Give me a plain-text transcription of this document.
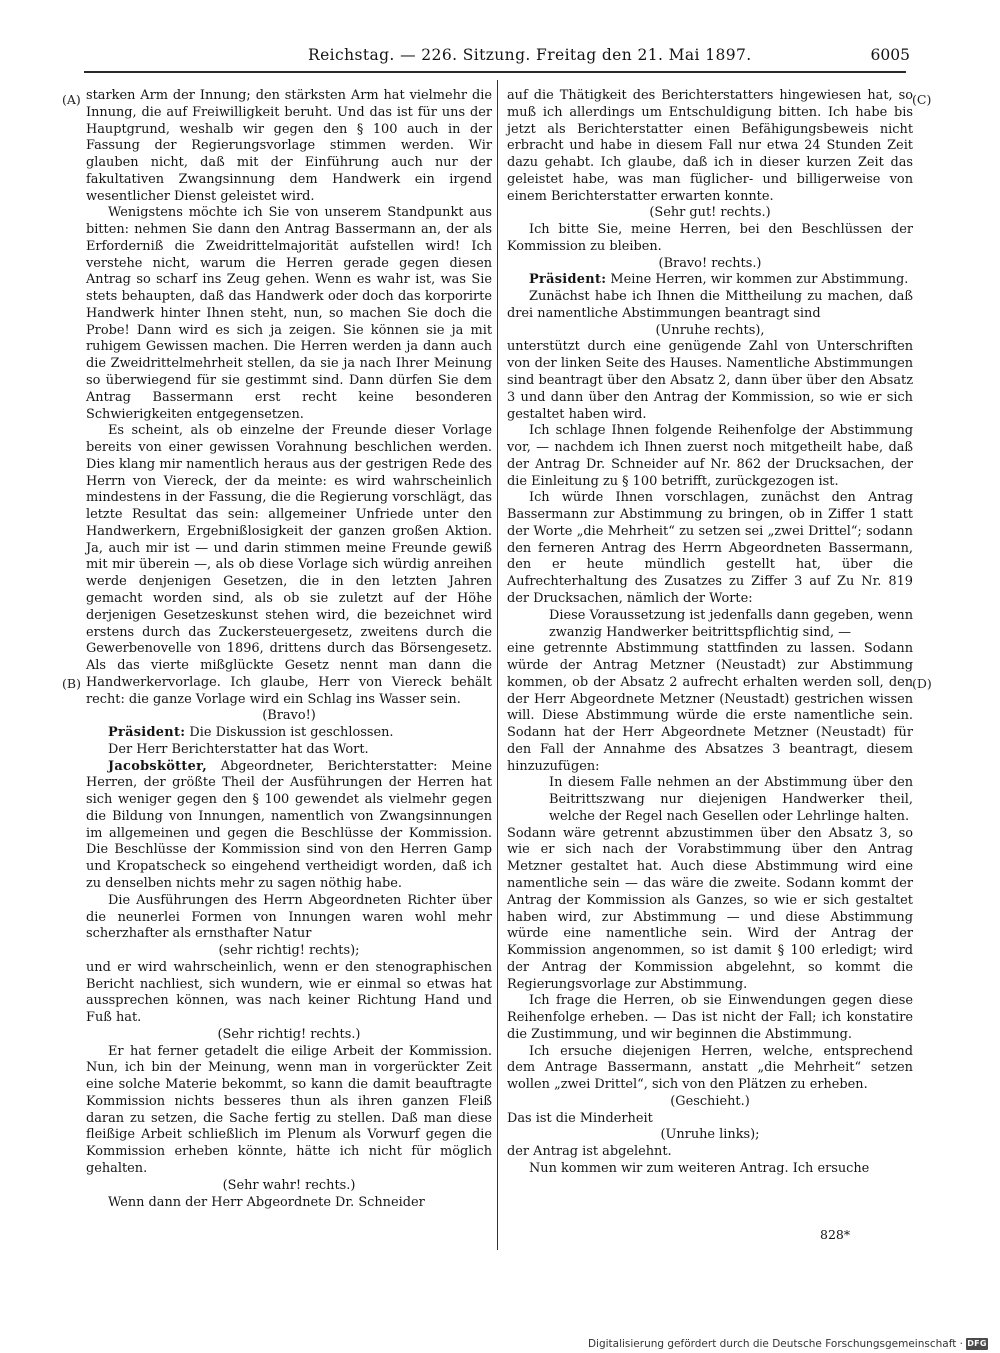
Reichstag. — 226. Sitzung. Freitag den 21. Mai 1897.	6005
(A)
(B)
(C)
(D)

starken Arm der Innung; den stärksten Arm hat vielmehr die Innung, die auf Freiwilligkeit beruht. Und das ist für uns der Hauptgrund, weshalb wir gegen den § 100 auch in der Fassung der Regierungsvorlage stimmen werden. Wir glauben nicht, daß mit der Einführung auch nur der fakultativen Zwangsinnung dem Handwerk ein irgend wesentlicher Dienst geleistet wird.

Wenigstens möchte ich Sie von unserem Standpunkt aus bitten: nehmen Sie dann den Antrag Bassermann an, der als Erforderniß die Zweidrittelmajorität aufstellen wird! Ich verstehe nicht, warum die Herren gerade gegen diesen Antrag so scharf ins Zeug gehen. Wenn es wahr ist, was Sie stets behaupten, daß das Handwerk oder doch das korporirte Handwerk hinter Ihnen steht, nun, so machen Sie doch die Probe! Dann wird es sich ja zeigen. Sie können sie ja mit ruhigem Gewissen machen. Die Herren werden ja dann auch die Zweidrittelmehrheit stellen, da sie ja nach Ihrer Meinung so überwiegend für sie gestimmt sind. Dann dürfen Sie dem Antrag Bassermann erst recht keine besonderen Schwierigkeiten entgegensetzen.

Es scheint, als ob einzelne der Freunde dieser Vorlage bereits von einer gewissen Vorahnung beschlichen werden. Dies klang mir namentlich heraus aus der gestrigen Rede des Herrn von Viereck, der da meinte: es wird wahrscheinlich mindestens in der Fassung, die die Regierung vorschlägt, das letzte Resultat das sein: allgemeiner Unfriede unter den Handwerkern, Ergebnißlosigkeit der ganzen großen Aktion. Ja, auch mir ist — und darin stimmen meine Freunde gewiß mit mir überein —, als ob diese Vorlage sich würdig anreihen werde denjenigen Gesetzen, die in den letzten Jahren gemacht worden sind, als ob sie zuletzt auf der Höhe derjenigen Gesetzeskunst stehen wird, die bezeichnet wird erstens durch das Zuckersteuergesetz, zweitens durch die Gewerbenovelle von 1896, drittens durch das Börsengesetz. Als das vierte mißglückte Gesetz nennt man dann die Handwerkervorlage. Ich glaube, Herr von Viereck behält recht: die ganze Vorlage wird ein Schlag ins Wasser sein.

(Bravo!)

Präsident: Die Diskussion ist geschlossen.

Der Herr Berichterstatter hat das Wort.

Jacobskötter, Abgeordneter, Berichterstatter: Meine Herren, der größte Theil der Ausführungen der Herren hat sich weniger gegen den § 100 gewendet als vielmehr gegen die Bildung von Innungen, namentlich von Zwangsinnungen im allgemeinen und gegen die Beschlüsse der Kommission. Die Beschlüsse der Kommission sind von den Herren Gamp und Kropatscheck so eingehend vertheidigt worden, daß ich zu denselben nichts mehr zu sagen nöthig habe.

Die Ausführungen des Herrn Abgeordneten Richter über die neunerlei Formen von Innungen waren wohl mehr scherzhafter als ernsthafter Natur

(sehr richtig! rechts);

und er wird wahrscheinlich, wenn er den stenographischen Bericht nachliest, sich wundern, wie er einmal so etwas hat aussprechen können, was nach keiner Richtung Hand und Fuß hat.

(Sehr richtig! rechts.)

Er hat ferner getadelt die eilige Arbeit der Kommission. Nun, ich bin der Meinung, wenn man in vorgerückter Zeit eine solche Materie bekommt, so kann die damit beauftragte Kommission nichts besseres thun als ihren ganzen Fleiß daran zu setzen, die Sache fertig zu stellen. Daß man diese fleißige Arbeit schließlich im Plenum als Vorwurf gegen die Kommission erheben könnte, hätte ich nicht für möglich gehalten.

(Sehr wahr! rechts.)

Wenn dann der Herr Abgeordnete Dr. Schneider

auf die Thätigkeit des Berichterstatters hingewiesen hat, so muß ich allerdings um Entschuldigung bitten. Ich habe bis jetzt als Berichterstatter einen Befähigungsbeweis nicht erbracht und habe in diesem Fall nur etwa 24 Stunden Zeit dazu gehabt. Ich glaube, daß ich in dieser kurzen Zeit das geleistet habe, was man füglicher- und billigerweise von einem Berichterstatter erwarten konnte.

(Sehr gut! rechts.)

Ich bitte Sie, meine Herren, bei den Beschlüssen der Kommission zu bleiben.

(Bravo! rechts.)

Präsident: Meine Herren, wir kommen zur Abstimmung.

Zunächst habe ich Ihnen die Mittheilung zu machen, daß drei namentliche Abstimmungen beantragt sind

(Unruhe rechts),

unterstützt durch eine genügende Zahl von Unterschriften von der linken Seite des Hauses. Namentliche Abstimmungen sind beantragt über den Absatz 2, dann über über den Absatz 3 und dann über den Antrag der Kommission, so wie er sich gestaltet haben wird.

Ich schlage Ihnen folgende Reihenfolge der Abstimmung vor, — nachdem ich Ihnen zuerst noch mitgetheilt habe, daß der Antrag Dr. Schneider auf Nr. 862 der Drucksachen, der die Einleitung zu § 100 betrifft, zurückgezogen ist.

Ich würde Ihnen vorschlagen, zunächst den Antrag Bassermann zur Abstimmung zu bringen, ob in Ziffer 1 statt der Worte „die Mehrheit“ zu setzen sei „zwei Drittel“; sodann den ferneren Antrag des Herrn Abgeordneten Bassermann, den er heute mündlich gestellt hat, über die Aufrechterhaltung des Zusatzes zu Ziffer 3 auf Zu Nr. 819 der Drucksachen, nämlich der Worte:

Diese Voraussetzung ist jedenfalls dann gegeben, wenn zwanzig Handwerker beitrittspflichtig sind, —

eine getrennte Abstimmung stattfinden zu lassen. Sodann würde der Antrag Metzner (Neustadt) zur Abstimmung kommen, ob der Absatz 2 aufrecht erhalten werden soll, den der Herr Abgeordnete Metzner (Neustadt) gestrichen wissen will. Diese Abstimmung würde die erste namentliche sein. Sodann hat der Herr Abgeordnete Metzner (Neustadt) für den Fall der Annahme des Absatzes 3 beantragt, diesem hinzuzufügen:

In diesem Falle nehmen an der Abstimmung über den Beitrittszwang nur diejenigen Handwerker theil, welche der Regel nach Gesellen oder Lehrlinge halten.

Sodann wäre getrennt abzustimmen über den Absatz 3, so wie er sich nach der Vorabstimmung über den Antrag Metzner gestaltet hat. Auch diese Abstimmung wird eine namentliche sein — das wäre die zweite. Sodann kommt der Antrag der Kommission als Ganzes, so wie er sich gestaltet haben wird, zur Abstimmung — und diese Abstimmung würde eine namentliche sein. Wird der Antrag der Kommission angenommen, so ist damit § 100 erledigt; wird der Antrag der Kommission abgelehnt, so kommt die Regierungsvorlage zur Abstimmung.

Ich frage die Herren, ob sie Einwendungen gegen diese Reihenfolge erheben. — Das ist nicht der Fall; ich konstatire die Zustimmung, und wir beginnen die Abstimmung.

Ich ersuche diejenigen Herren, welche, entsprechend dem Antrage Bassermann, anstatt „die Mehrheit“ setzen wollen „zwei Drittel“, sich von den Plätzen zu erheben.

(Geschieht.)

Das ist die Minderheit

(Unruhe links);

der Antrag ist abgelehnt.

Nun kommen wir zum weiteren Antrag. Ich ersuche

828*
Digitalisierung gefördert durch die Deutsche Forschungsgemeinschaft · DFG
